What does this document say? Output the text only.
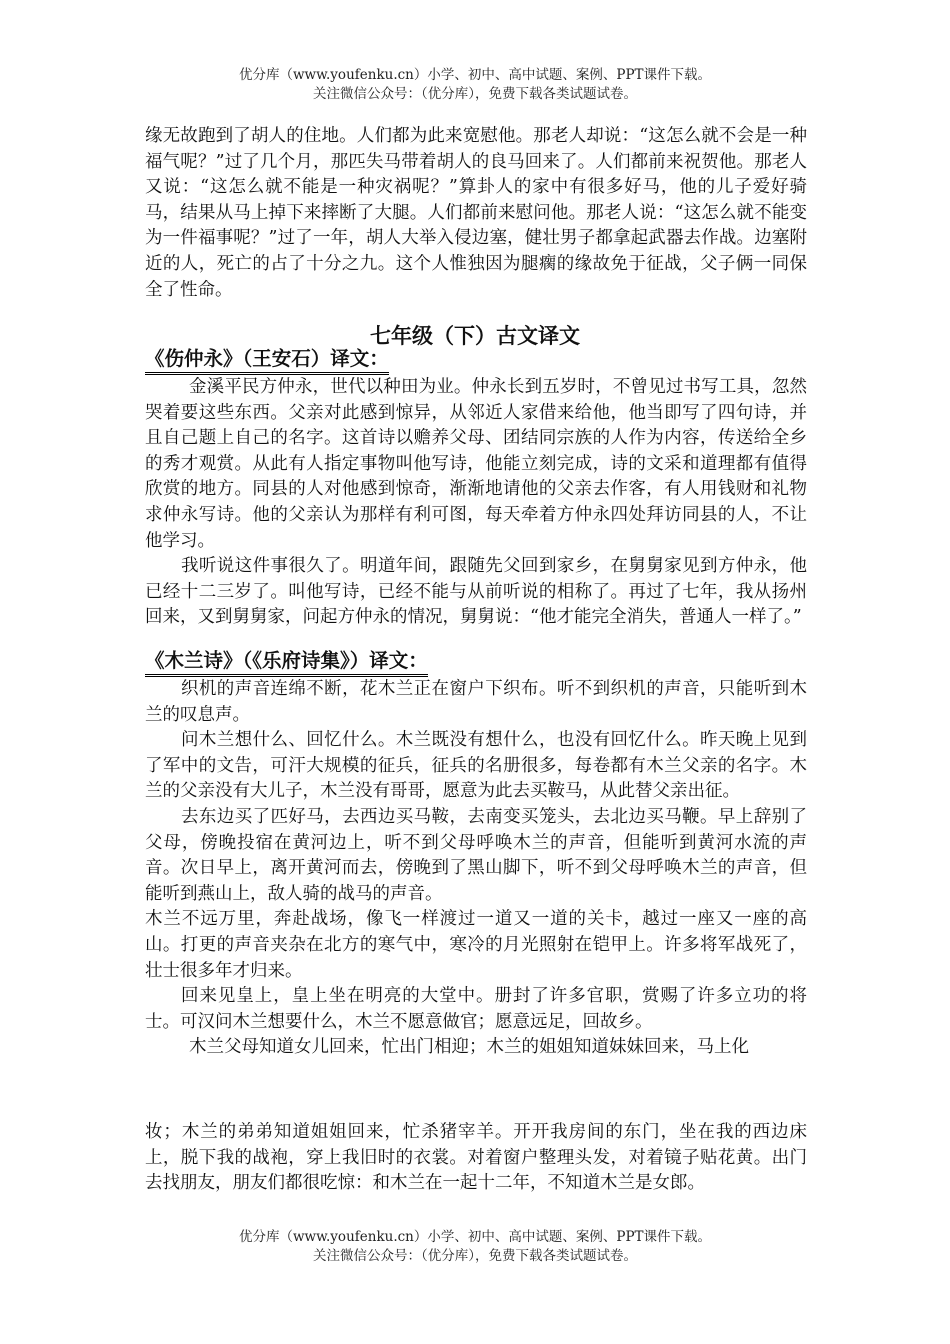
优分库（www.youfenku.cn）小学、初中、高中试题、案例、PPT课件下载。
关注微信公众号：（优分库），免费下载各类试题试卷。

缘无故跑到了胡人的住地。人们都为此来宽慰他。那老人却说：“这怎么就不会是一种福气呢？”过了几个月，那匹失马带着胡人的良马回来了。人们都前来祝贺他。那老人又说：“这怎么就不能是一种灾祸呢？”算卦人的家中有很多好马，他的儿子爱好骑马，结果从马上掉下来摔断了大腿。人们都前来慰问他。那老人说：“这怎么就不能变为一件福事呢？”过了一年，胡人大举入侵边塞，健壮男子都拿起武器去作战。边塞附近的人，死亡的占了十分之九。这个人惟独因为腿瘸的缘故免于征战，父子俩一同保全了性命。

七年级（下）古文译文
《伤仲永》（王安石）译文：

金溪平民方仲永，世代以种田为业。仲永长到五岁时，不曾见过书写工具，忽然哭着要这些东西。父亲对此感到惊异，从邻近人家借来给他，他当即写了四句诗，并且自己题上自己的名字。这首诗以赡养父母、团结同宗族的人作为内容，传送给全乡的秀才观赏。从此有人指定事物叫他写诗，他能立刻完成，诗的文采和道理都有值得欣赏的地方。同县的人对他感到惊奇，渐渐地请他的父亲去作客，有人用钱财和礼物求仲永写诗。他的父亲认为那样有利可图，每天牵着方仲永四处拜访同县的人，不让他学习。

我听说这件事很久了。明道年间，跟随先父回到家乡，在舅舅家见到方仲永，他已经十二三岁了。叫他写诗，已经不能与从前听说的相称了。再过了七年，我从扬州回来，又到舅舅家，问起方仲永的情况，舅舅说：“他才能完全消失，普通人一样了。”

《木兰诗》（《乐府诗集》）译文：

织机的声音连绵不断，花木兰正在窗户下织布。听不到织机的声音，只能听到木兰的叹息声。

问木兰想什么、回忆什么。木兰既没有想什么，也没有回忆什么。昨天晚上见到了军中的文告，可汗大规模的征兵，征兵的名册很多，每卷都有木兰父亲的名字。木兰的父亲没有大儿子，木兰没有哥哥，愿意为此去买鞍马，从此替父亲出征。

去东边买了匹好马，去西边买马鞍，去南变买笼头，去北边买马鞭。早上辞别了父母，傍晚投宿在黄河边上，听不到父母呼唤木兰的声音，但能听到黄河水流的声音。次日早上，离开黄河而去，傍晚到了黑山脚下，听不到父母呼唤木兰的声音，但能听到燕山上，敌人骑的战马的声音。

木兰不远万里，奔赴战场，像飞一样渡过一道又一道的关卡，越过一座又一座的高山。打更的声音夹杂在北方的寒气中，寒冷的月光照射在铠甲上。许多将军战死了，壮士很多年才归来。

回来见皇上，皇上坐在明亮的大堂中。册封了许多官职，赏赐了许多立功的将士。可汉问木兰想要什么，木兰不愿意做官；愿意远足，回故乡。

木兰父母知道女儿回来，忙出门相迎；木兰的姐姐知道妹妹回来，马上化

妆；木兰的弟弟知道姐姐回来，忙杀猪宰羊。开开我房间的东门，坐在我的西边床上，脱下我的战袍，穿上我旧时的衣裳。对着窗户整理头发，对着镜子贴花黄。出门去找朋友，朋友们都很吃惊：和木兰在一起十二年，不知道木兰是女郎。

优分库（www.youfenku.cn）小学、初中、高中试题、案例、PPT课件下载。
关注微信公众号：（优分库），免费下载各类试题试卷。
